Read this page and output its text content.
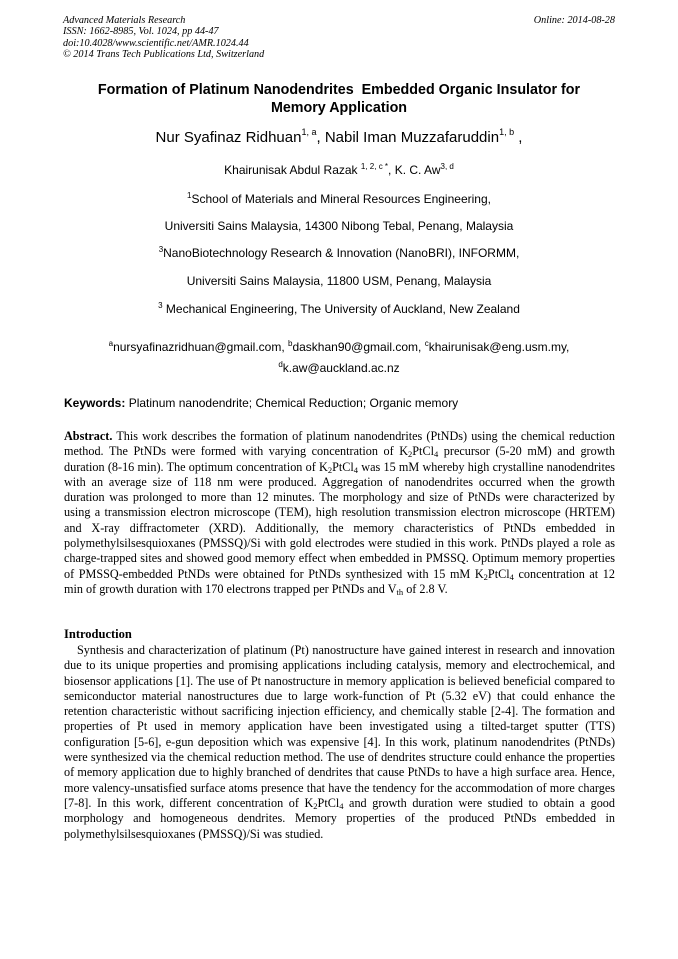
Advanced Materials Research
ISSN: 1662-8985, Vol. 1024, pp 44-47
doi:10.4028/www.scientific.net/AMR.1024.44
© 2014 Trans Tech Publications Ltd, Switzerland
Online: 2014-08-28
Formation of Platinum Nanodendrites  Embedded Organic Insulator for
Memory Application
Nur Syafinaz Ridhuan$^{1, a}$, Nabil Iman Muzzafaruddin$^{1, b}$ ,
Khairunisak Abdul Razak $^{1, 2, c *}$, K. C. Aw$^{3, d}$
$^1$School of Materials and Mineral Resources Engineering,
Universiti Sains Malaysia, 14300 Nibong Tebal, Penang, Malaysia
$^3$NanoBiotechnology Research & Innovation (NanoBRI), INFORMM,
Universiti Sains Malaysia, 11800 USM, Penang, Malaysia
$^3$ Mechanical Engineering, The University of Auckland, New Zealand
$^a$nursyafinazridhuan@gmail.com, $^b$daskhan90@gmail.com, $^c$khairunisak@eng.usm.my,
$^d$k.aw@auckland.ac.nz
Keywords: Platinum nanodendrite; Chemical Reduction; Organic memory
Abstract. This work describes the formation of platinum nanodendrites (PtNDs) using the chemical reduction method. The PtNDs were formed with varying concentration of $K_2PtCl_4$ precursor (5-20 mM) and growth duration (8-16 min). The optimum concentration of $K_2PtCl_4$ was 15 mM whereby high crystalline nanodendrites with an average size of 118 nm were produced. Aggregation of nanodendrites occurred when the growth duration was prolonged to more than 12 minutes. The morphology and size of PtNDs were characterized by using a transmission electron microscope (TEM), high resolution transmission electron microscope (HRTEM) and X-ray diffractometer (XRD). Additionally, the memory characteristics of PtNDs embedded in polymethylsilsesquioxanes (PMSSQ)/Si with gold electrodes were studied in this work. PtNDs played a role as charge-trapped sites and showed good memory effect when embedded in PMSSQ. Optimum memory properties of PMSSQ-embedded PtNDs were obtained for PtNDs synthesized with 15 mM $K_2PtCl_4$ concentration at 12 min of growth duration with 170 electrons trapped per PtNDs and $V_{th}$ of 2.8 V.
Introduction
Synthesis and characterization of platinum (Pt) nanostructure have gained interest in research and innovation due to its unique properties and promising applications including catalysis, memory and electrochemical, and biosensor applications [1]. The use of Pt nanostructure in memory application is believed beneficial compared to semiconductor material nanostructures due to large work-function of Pt (5.32 eV) that could enhance the retention characteristic without sacrificing injection efficiency, and chemically stable [2-4]. The formation and properties of Pt used in memory application have been investigated using a tilted-target sputter (TTS) configuration [5-6], e-gun deposition which was expensive [4]. In this work, platinum nanodendrites (PtNDs) were synthesized via the chemical reduction method. The use of dendrites structure could enhance the properties of memory application due to highly branched of dendrites that cause PtNDs to have a high surface area. Hence, more valency-unsatisfied surface atoms presence that have the tendency for the accommodation of more charges [7-8]. In this work, different concentration of $K_2PtCl_4$ and growth duration were studied to obtain a good morphology and homogeneous dendrites. Memory properties of the produced PtNDs embedded in polymethylsilsesquioxanes (PMSSQ)/Si was studied.
